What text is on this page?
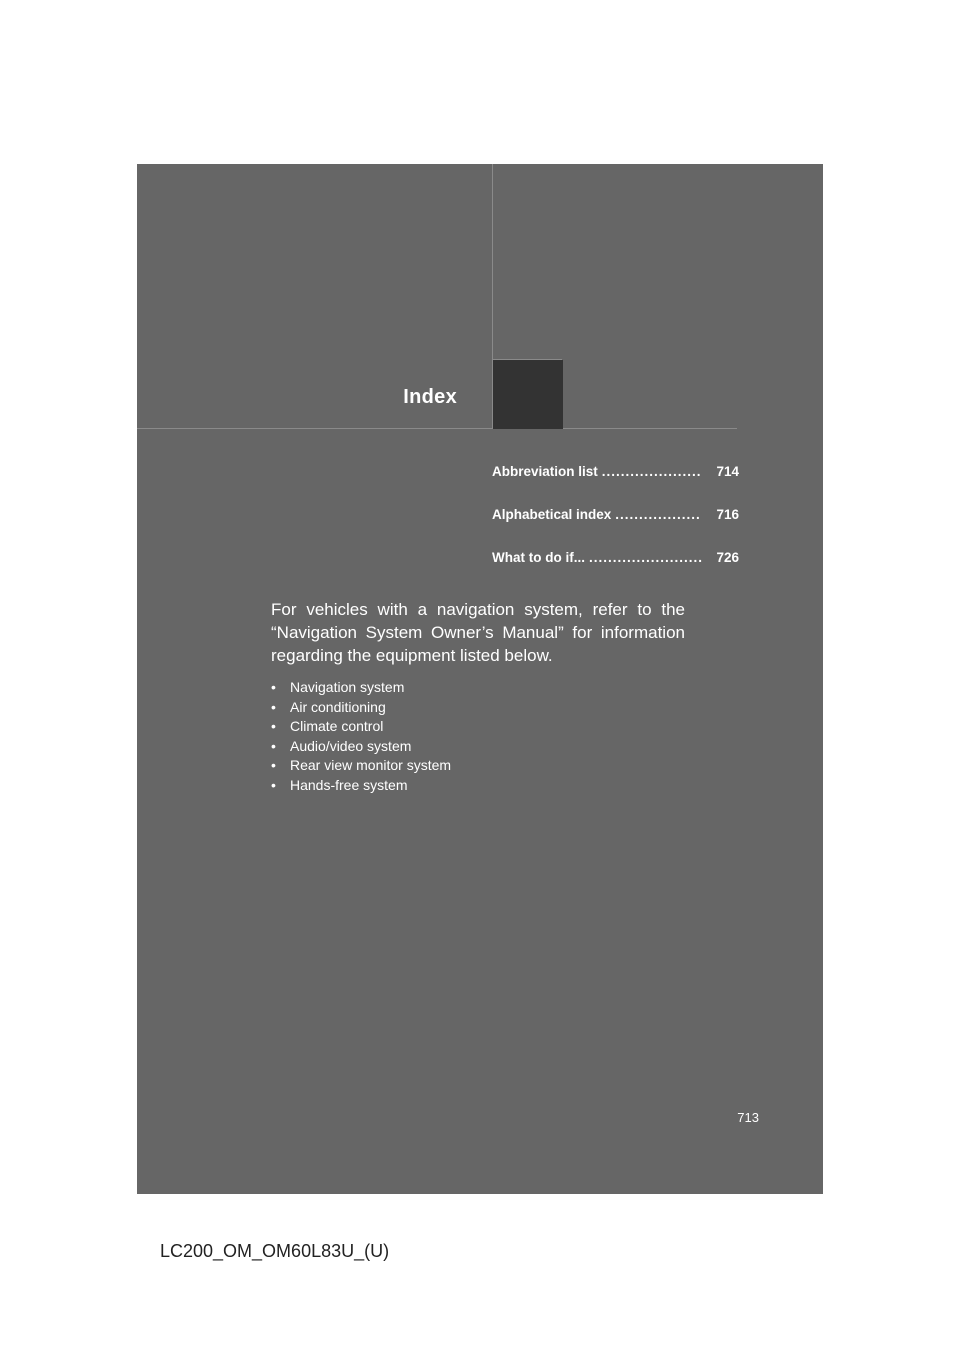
Index
Abbreviation list .....................	714
Alphabetical index ..................	716
What to do if... ........................ 726
For vehicles with a navigation system, refer to the “Navigation System Owner’s Manual” for information regarding the equipment listed below.
• Navigation system
• Air conditioning
• Climate control
• Audio/video system
• Rear view monitor system
• Hands-free system
713
LC200_OM_OM60L83U_(U)
